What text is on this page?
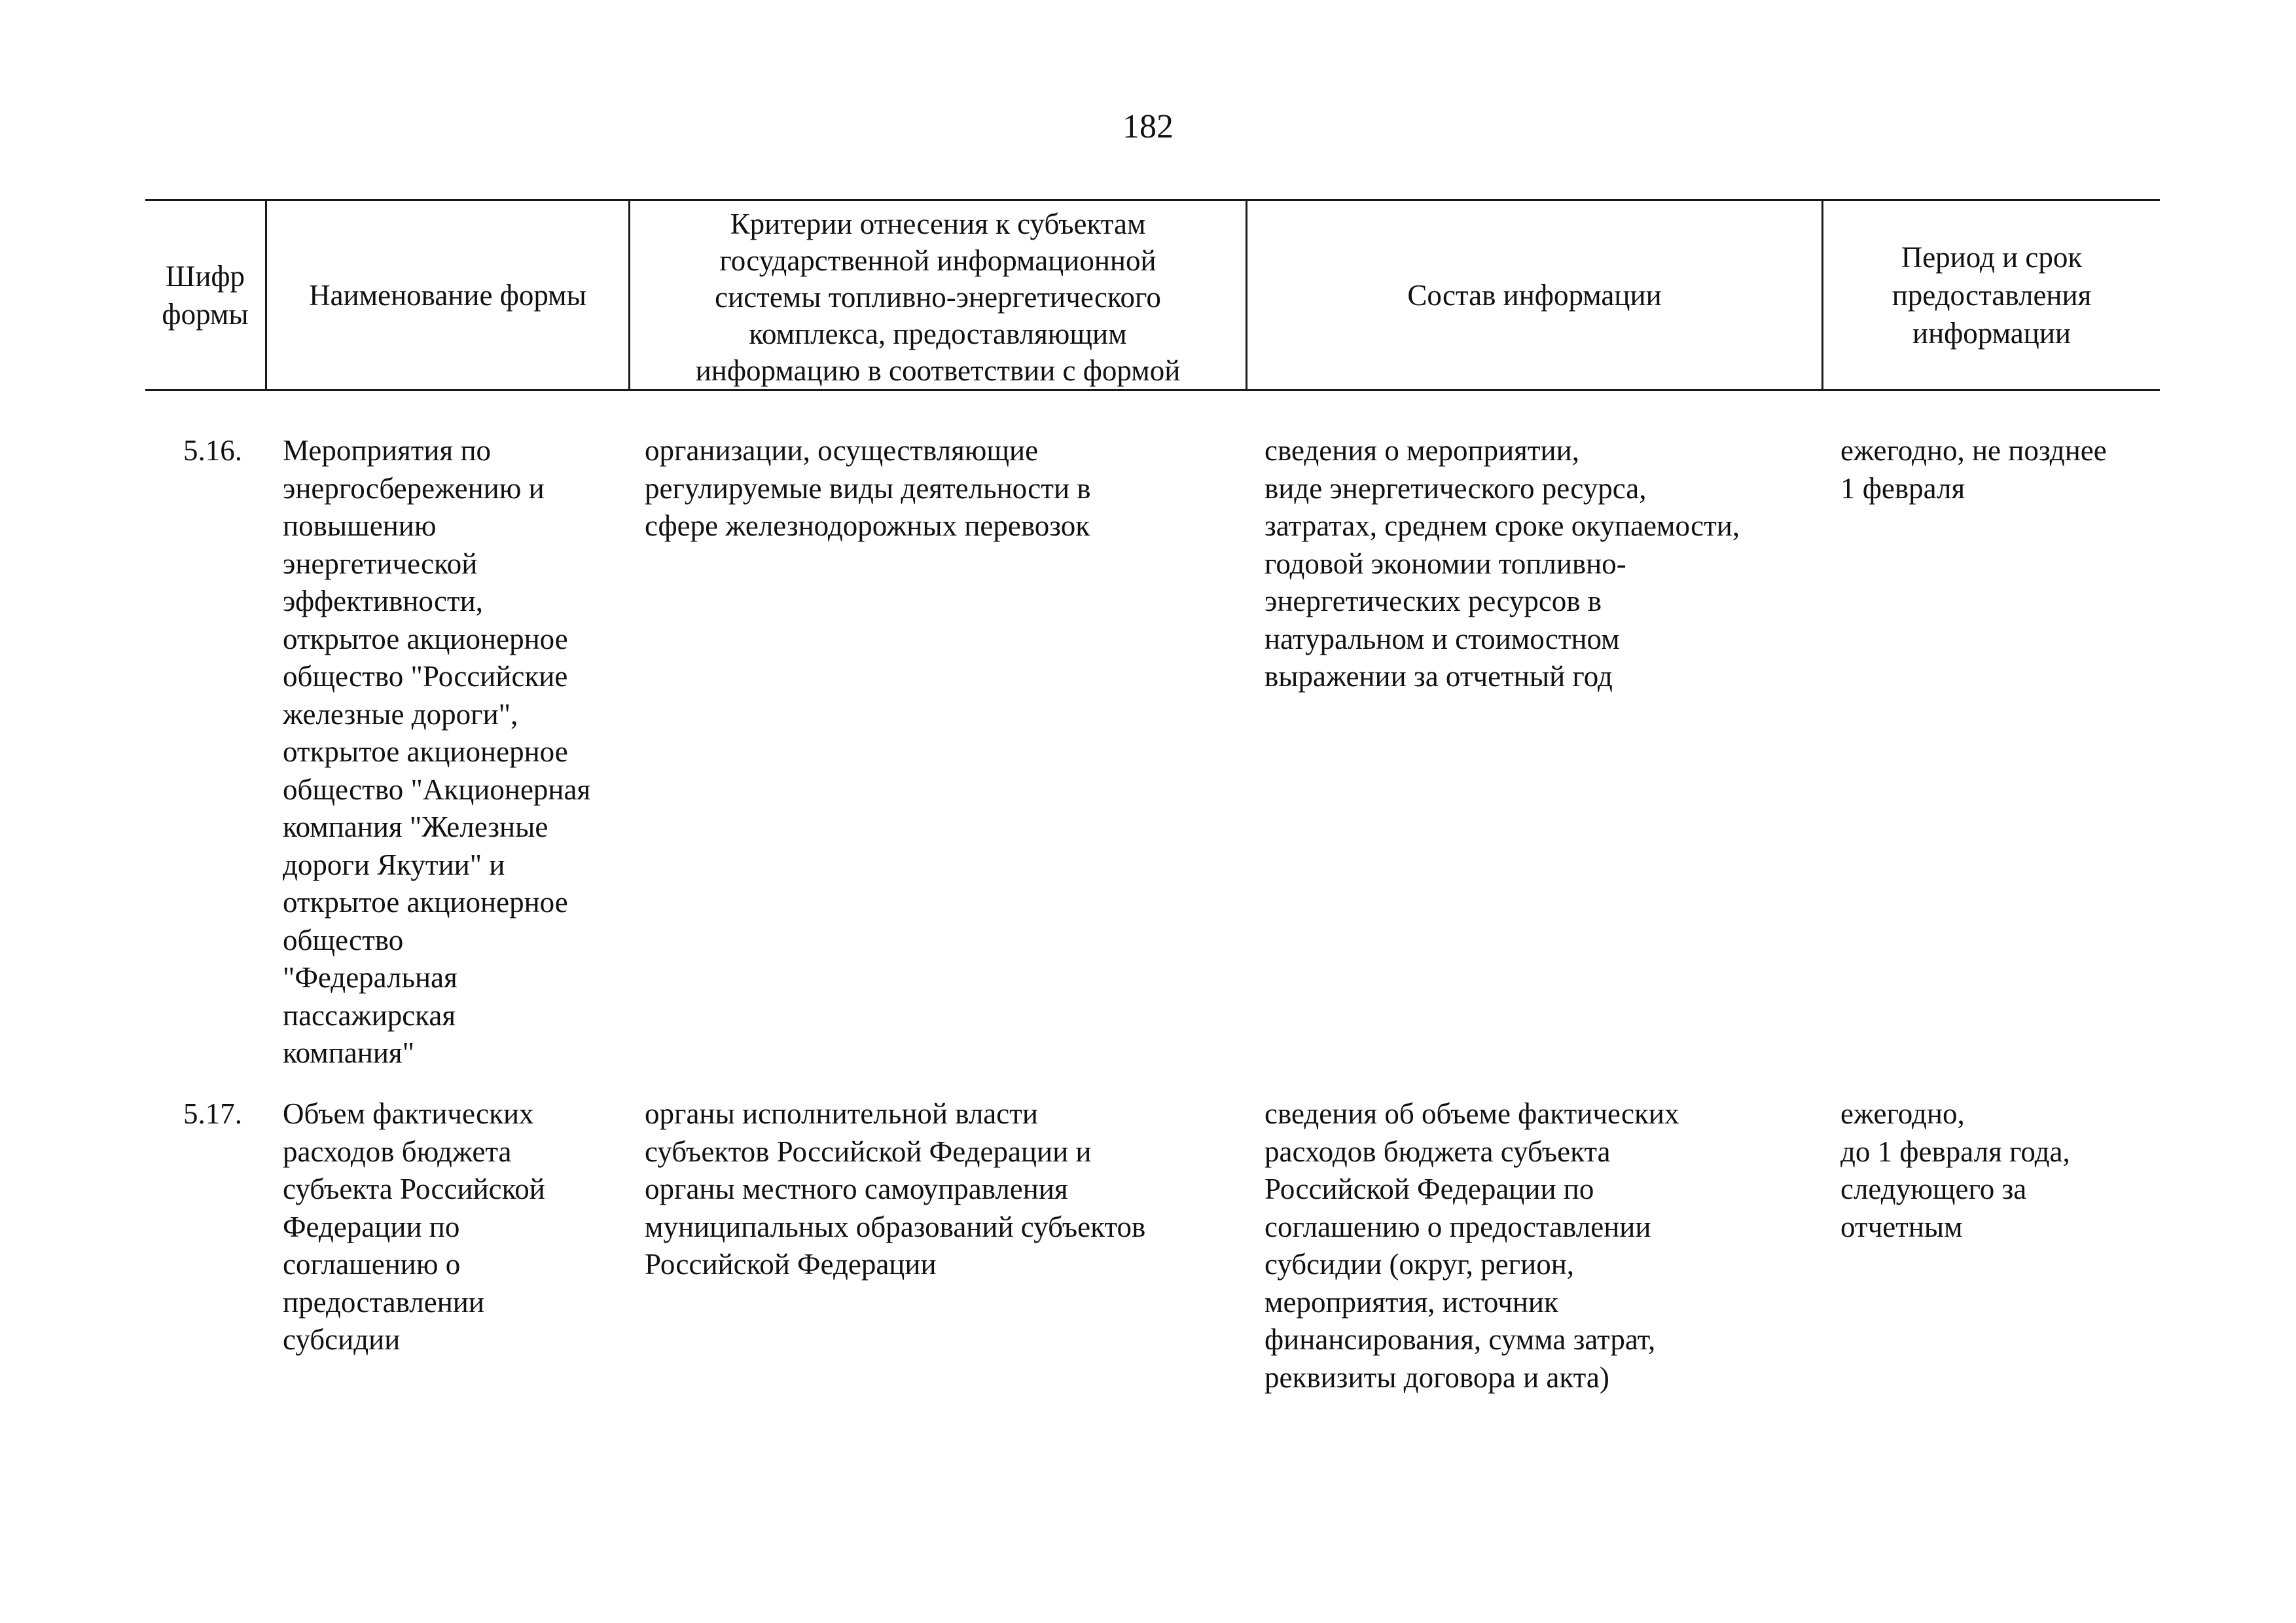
182
Шифр
формы
Наименование формы
Критерии отнесения к субъектам
государственной информационной
системы топливно-энергетического
комплекса, предоставляющим
информацию в соответствии с формой
Состав информации
Период и срок
предоставления
информации
5.16. Мероприятия по
энергосбережению и
повышению
энергетической
эффективности,
открытое акционерное
общество "Российские
железные дороги",
открытое акционерное
общество "Акционерная
компания "Железные
дороги Якутии" и
открытое акционерное
общество
"Федеральная
пассажирская
компания"
организации, осуществляющие
регулируемые виды деятельности в
сфере железнодорожных перевозок
сведения о мероприятии,
виде энергетического ресурса,
затратах, среднем сроке окупаемости,
годовой экономии топливно-
энергетических ресурсов в
натуральном и стоимостном
выражении за отчетный год
ежегодно, не позднее
1 февраля
5.17. Объем фактических
расходов бюджета
субъекта Российской
Федерации по
соглашению о
предоставлении
субсидии
органы исполнительной власти
субъектов Российской Федерации и
органы местного самоуправления
муниципальных образований субъектов
Российской Федерации
сведения об объеме фактических
расходов бюджета субъекта
Российской Федерации по
соглашению о предоставлении
субсидии (округ, регион,
мероприятия, источник
финансирования, сумма затрат,
реквизиты договора и акта)
ежегодно,
до 1 февраля года,
следующего за
отчетным
